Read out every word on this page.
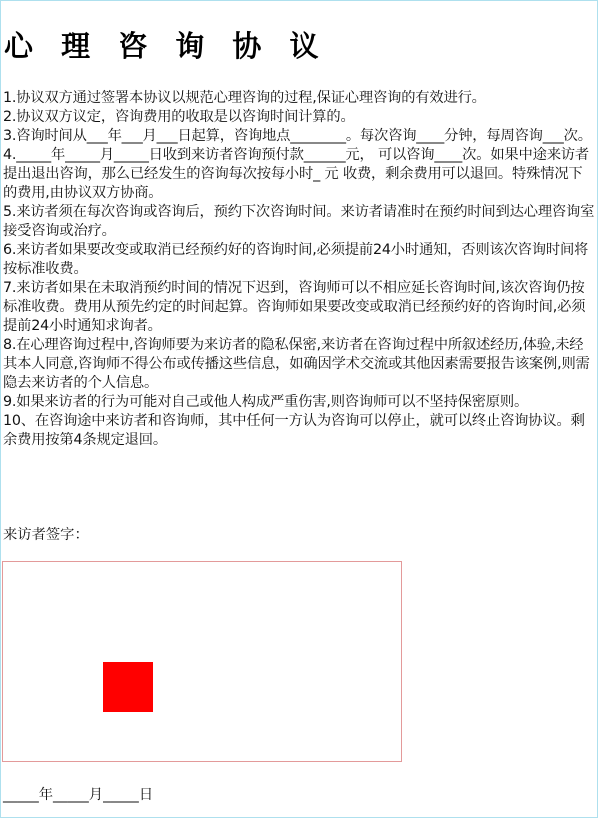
心 理 咨 询 协 议
1.协议双方通过签署本协议以规范心理咨询的过程,保证心理咨询的有效进行。
2.协议双方议定，咨询费用的收取是以咨询时间计算的。
3.咨询时间从___年___月___日起算，咨询地点________。每次咨询____分钟，每周咨询___次。
4._____年_____月_____日收到来访者咨询预付款______元， 可以咨询____次。如果中途来访者提出退出咨询，那么已经发生的咨询每次按每小时_ 元 收费，剩余费用可以退回。特殊情况下的费用,由协议双方协商。
5.来访者须在每次咨询或咨询后，预约下次咨询时间。来访者请准时在预约时间到达心理咨询室接受咨询或治疗。
6.来访者如果要改变或取消已经预约好的咨询时间,必须提前24小时通知，否则该次咨询时间将按标准收费。
7.来访者如果在未取消预约时间的情况下迟到，咨询师可以不相应延长咨询时间,该次咨询仍按标准收费。费用从预先约定的时间起算。咨询师如果要改变或取消已经预约好的咨询时间,必须提前24小时通知求询者。
8.在心理咨询过程中,咨询师要为来访者的隐私保密,来访者在咨询过程中所叙述经历,体验,未经其本人同意,咨询师不得公布或传播这些信息，如确因学术交流或其他因素需要报告该案例,则需隐去来访者的个人信息。
9.如果来访者的行为可能对自己或他人构成严重伤害,则咨询师可以不坚持保密原则。
10、在咨询途中来访者和咨询师，其中任何一方认为咨询可以停止，就可以终止咨询协议。剩余费用按第4条规定退回。
来访者签字：
_____年_____月_____日
